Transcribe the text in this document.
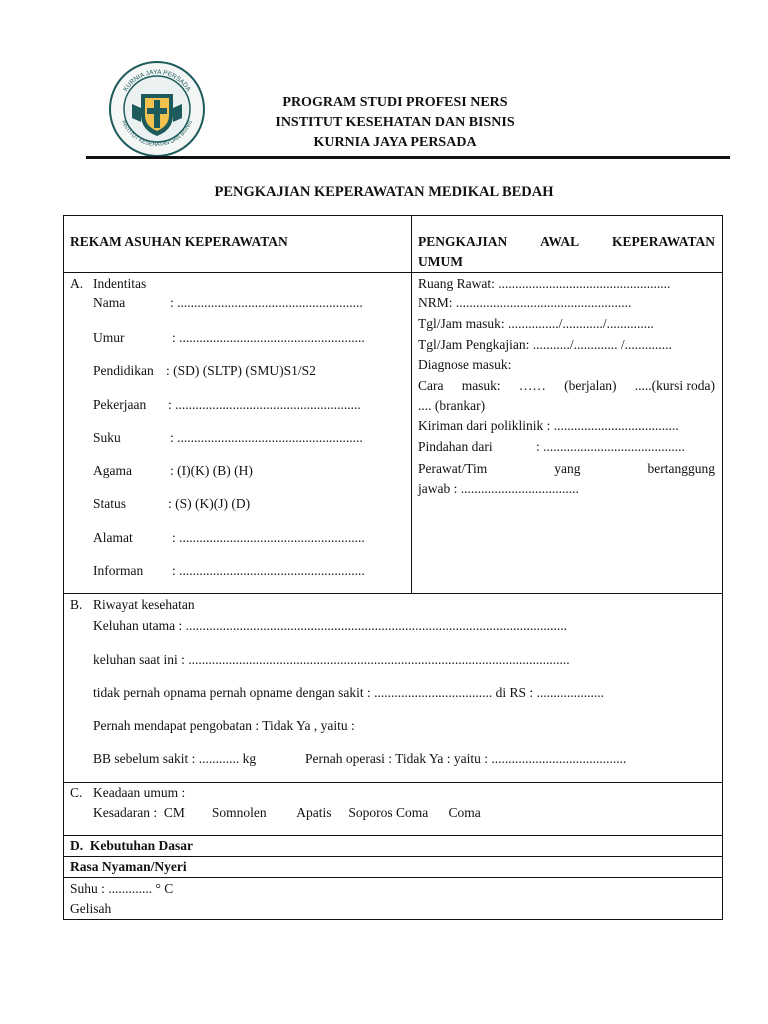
KURNIA JAYA PERSADA
INSTITUT KESEHATAN DAN BISNIS
PROGRAM STUDI PROFESI NERS
INSTITUT KESEHATAN DAN BISNIS
KURNIA JAYA PERSADA
PENGKAJIAN KEPERAWATAN MEDIKAL BEDAH
REKAM ASUHAN KEPERAWATAN	PENGKAJIAN AWAL KEPERAWATAN
UMUM
A. Indentitas
Nama	: .......................................................
Umur	: .......................................................
Pendidikan : (SD) (SLTP) (SMU)S1/S2
Pekerjaan : .......................................................
Suku	: .......................................................
Agama	: (I)(K) (B) (H)
Status	: (S) (K)(J) (D)
Alamat	: .......................................................
Informan : .......................................................
Ruang Rawat: ...................................................
NRM: ....................................................
Tgl/Jam masuk: .............../............/..............
Tgl/Jam Pengkajian: .........../............. /..............
Diagnose masuk:
Cara masuk: …… (berjalan) .....(kursi roda)
.... (brankar)
Kiriman dari poliklinik : .....................................
Pindahan dari	: ..........................................
Perawat/Tim	yang	bertanggung
jawab : ...................................
B. Riwayat kesehatan
Keluhan utama : .................................................................................................................
keluhan saat ini : .................................................................................................................
tidak pernah opnama pernah opname dengan sakit : ................................... di RS : ....................
Pernah mendapat pengobatan : Tidak Ya , yaitu :
BB sebelum sakit : ............ kg	Pernah operasi : Tidak Ya : yaitu : ........................................
C. Keadaan umum :
Kesadaran :  CM        Somnolen         Apatis     Soporos Coma      Coma
D.  Kebutuhan Dasar
Rasa Nyaman/Nyeri
Suhu : ............. ° C
Gelisah
